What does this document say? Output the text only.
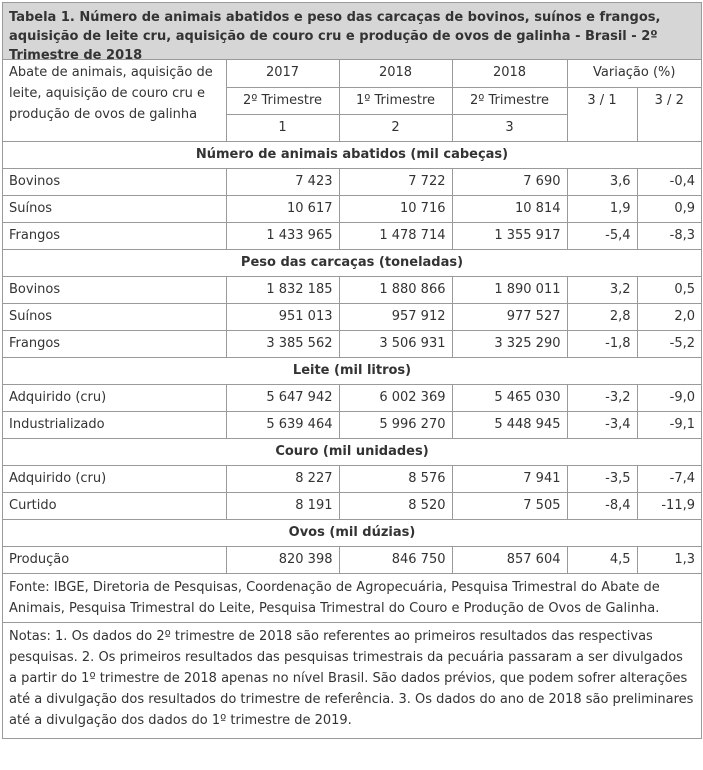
Tabela 1. Número de animais abatidos e peso das carcaças de bovinos, suínos e frangos, aquisição de leite cru, aquisição de couro cru e produção de ovos de galinha - Brasil - 2º Trimestre de 2018
Abate de animais, aquisição de leite, aquisição de couro cru e produção de ovos de galinha	2017	2018	2018	Variação (%)	
	2º Trimestre	1º Trimestre	2º Trimestre	3 / 1	3 / 2
	1	2	3		
Número de animais abatidos (mil cabeças)					
Bovinos	7 423	7 722	7 690	3,6	-0,4
Suínos	10 617	10 716	10 814	1,9	0,9
Frangos	1 433 965	1 478 714	1 355 917	-5,4	-8,3
Peso das carcaças (toneladas)					
Bovinos	1 832 185	1 880 866	1 890 011	3,2	0,5
Suínos	951 013	957 912	977 527	2,8	2,0
Frangos	3 385 562	3 506 931	3 325 290	-1,8	-5,2
Leite (mil litros)					
Adquirido (cru)	5 647 942	6 002 369	5 465 030	-3,2	-9,0
Industrializado	5 639 464	5 996 270	5 448 945	-3,4	-9,1
Couro (mil unidades)					
Adquirido (cru)	8 227	8 576	7 941	-3,5	-7,4
Curtido	8 191	8 520	7 505	-8,4	-11,9
Ovos (mil dúzias)					
Produção	820 398	846 750	857 604	4,5	1,3
Fonte: IBGE, Diretoria de Pesquisas, Coordenação de Agropecuária, Pesquisa Trimestral do Abate de Animais, Pesquisa Trimestral do Leite, Pesquisa Trimestral do Couro e Produção de Ovos de Galinha.					
Notas: 1. Os dados do 2º trimestre de 2018 são referentes ao primeiros resultados das respectivas pesquisas. 2. Os primeiros resultados das pesquisas trimestrais da pecuária passaram a ser divulgados a partir do 1º trimestre de 2018 apenas no nível Brasil. São dados prévios, que podem sofrer alterações até a divulgação dos resultados do trimestre de referência. 3. Os dados do ano de 2018 são preliminares até a divulgação dos dados do 1º trimestre de 2019.					
